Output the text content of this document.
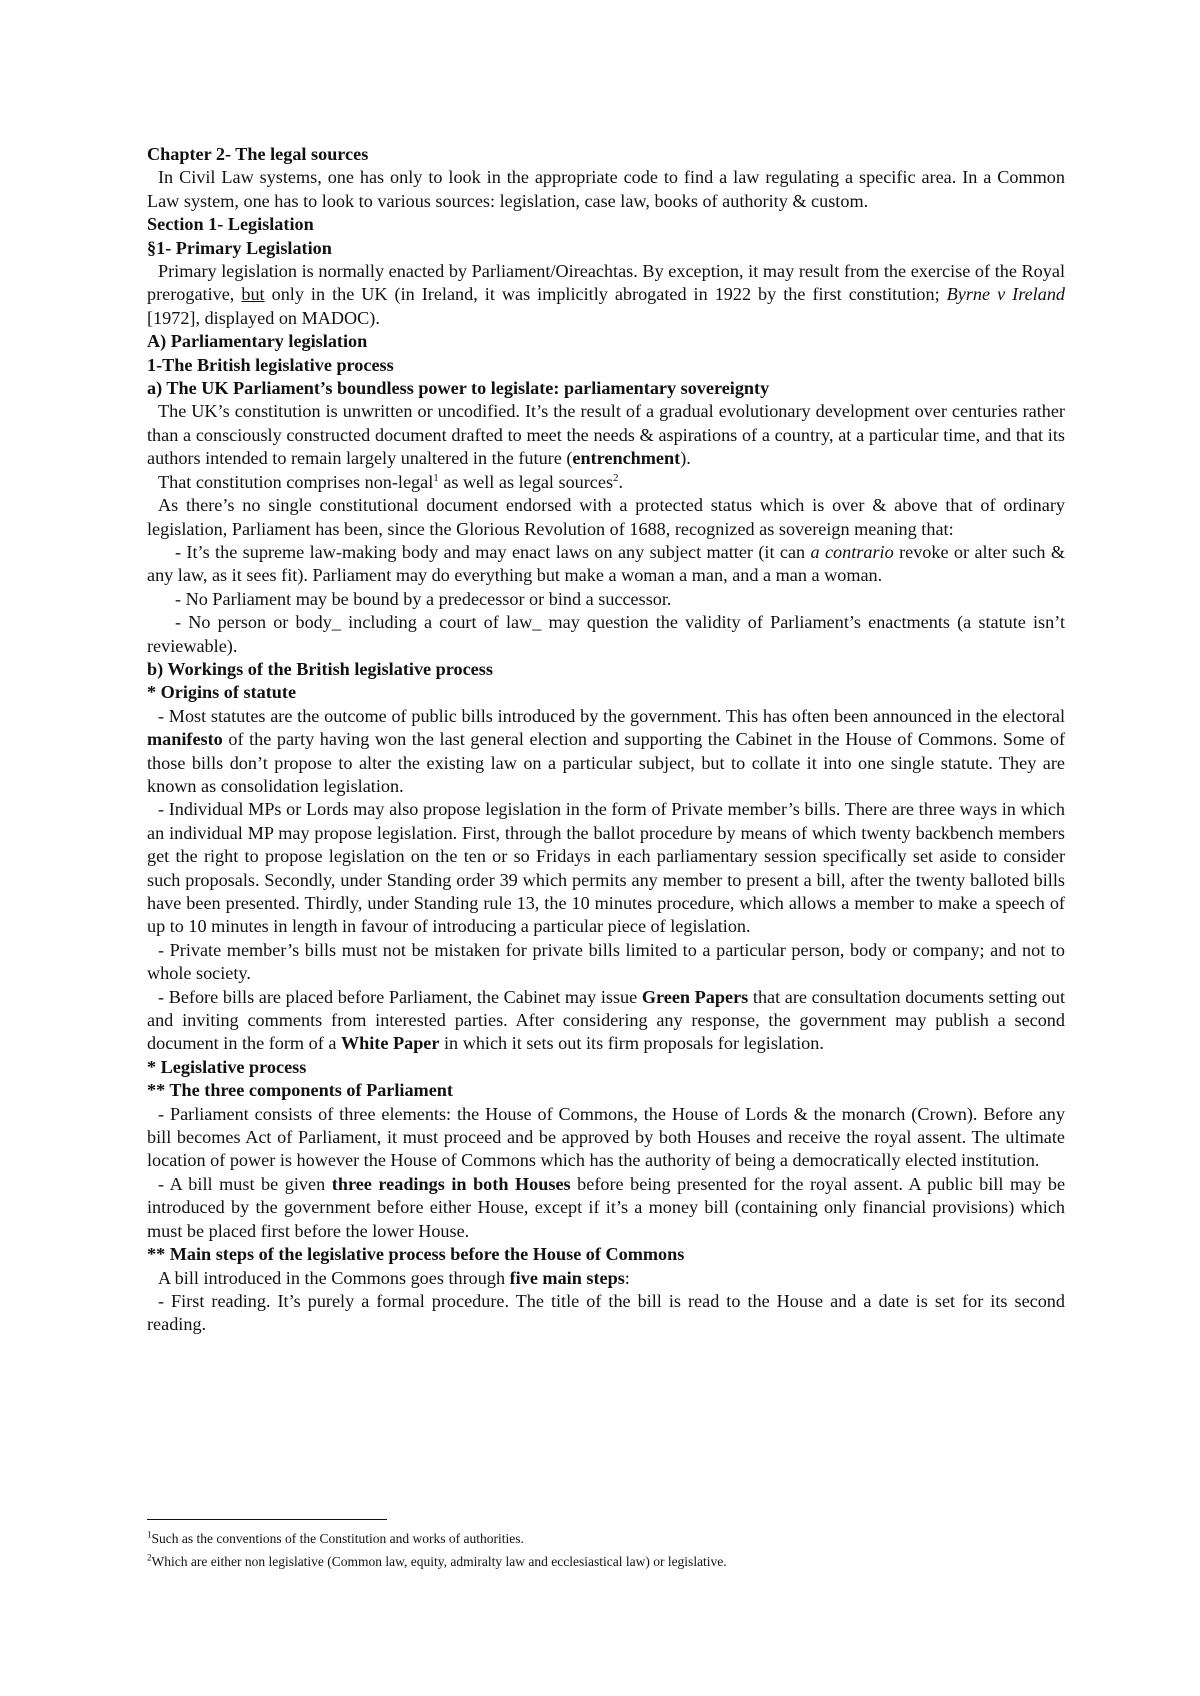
Chapter 2- The legal sources

In Civil Law systems, one has only to look in the appropriate code to find a law regulating a specific area. In a Common Law system, one has to look to various sources: legislation, case law, books of authority & custom.

Section 1- Legislation

§1- Primary Legislation

Primary legislation is normally enacted by Parliament/Oireachtas. By exception, it may result from the exercise of the Royal prerogative, but only in the UK (in Ireland, it was implicitly abrogated in 1922 by the first constitution; Byrne v Ireland [1972], displayed on MADOC).

A) Parliamentary legislation

1-The British legislative process

a) The UK Parliament’s boundless power to legislate: parliamentary sovereignty

The UK’s constitution is unwritten or uncodified. It’s the result of a gradual evolutionary development over centuries rather than a consciously constructed document drafted to meet the needs & aspirations of a country, at a particular time, and that its authors intended to remain largely unaltered in the future (entrenchment).

That constitution comprises non-legal$^1$ as well as legal sources$^2$.

As there’s no single constitutional document endorsed with a protected status which is over & above that of ordinary legislation, Parliament has been, since the Glorious Revolution of 1688, recognized as sovereign meaning that:

- It’s the supreme law-making body and may enact laws on any subject matter (it can a contrario revoke or alter such & any law, as it sees fit). Parliament may do everything but make a woman a man, and a man a woman.

- No Parliament may be bound by a predecessor or bind a successor.

- No person or body_ including a court of law_ may question the validity of Parliament’s enactments (a statute isn’t reviewable).

b) Workings of the British legislative process

* Origins of statute

- Most statutes are the outcome of public bills introduced by the government. This has often been announced in the electoral manifesto of the party having won the last general election and supporting the Cabinet in the House of Commons. Some of those bills don’t propose to alter the existing law on a particular subject, but to collate it into one single statute. They are known as consolidation legislation.

- Individual MPs or Lords may also propose legislation in the form of Private member’s bills. There are three ways in which an individual MP may propose legislation. First, through the ballot procedure by means of which twenty backbench members get the right to propose legislation on the ten or so Fridays in each parliamentary session specifically set aside to consider such proposals. Secondly, under Standing order 39 which permits any member to present a bill, after the twenty balloted bills have been presented. Thirdly, under Standing rule 13, the 10 minutes procedure, which allows a member to make a speech of up to 10 minutes in length in favour of introducing a particular piece of legislation.

- Private member’s bills must not be mistaken for private bills limited to a particular person, body or company; and not to whole society.

- Before bills are placed before Parliament, the Cabinet may issue Green Papers that are consultation documents setting out and inviting comments from interested parties. After considering any response, the government may publish a second document in the form of a White Paper in which it sets out its firm proposals for legislation.

* Legislative process

** The three components of Parliament

- Parliament consists of three elements: the House of Commons, the House of Lords & the monarch (Crown). Before any bill becomes Act of Parliament, it must proceed and be approved by both Houses and receive the royal assent. The ultimate location of power is however the House of Commons which has the authority of being a democratically elected institution.

- A bill must be given three readings in both Houses before being presented for the royal assent. A public bill may be introduced by the government before either House, except if it’s a money bill (containing only financial provisions) which must be placed first before the lower House.

** Main steps of the legislative process before the House of Commons

A bill introduced in the Commons goes through five main steps:

- First reading. It’s purely a formal procedure. The title of the bill is read to the House and a date is set for its second reading.

$^1$Such as the conventions of the Constitution and works of authorities.

$^2$Which are either non legislative (Common law, equity, admiralty law and ecclesiastical law) or legislative.
